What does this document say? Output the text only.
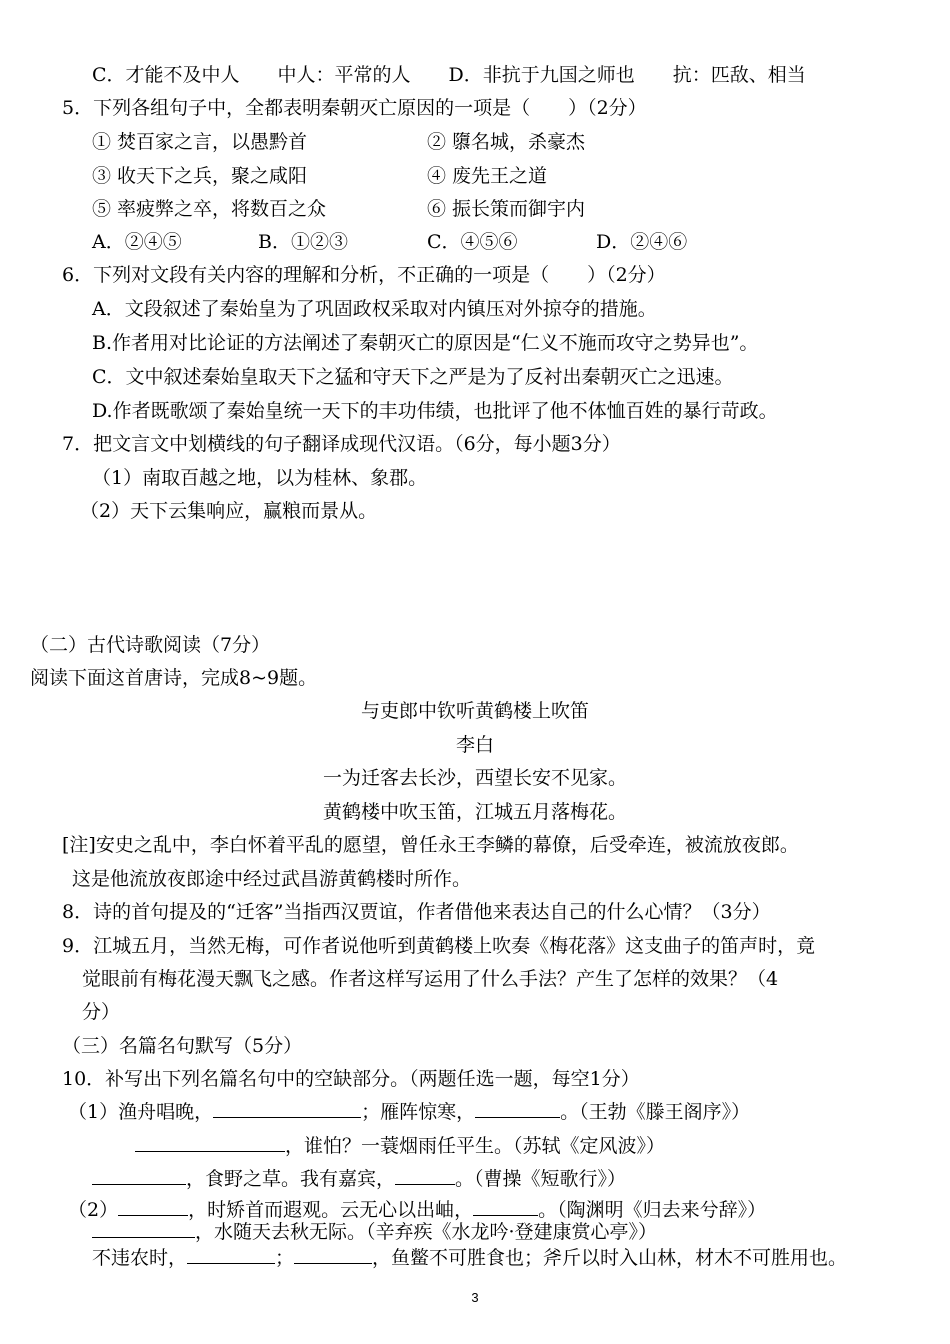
C．才能不及中人　　中人：平常的人　　D．非抗于九国之师也　　抗：匹敌、相当
5．下列各组句子中，全都表明秦朝灭亡原因的一项是（　　）（2分）
① 焚百家之言，以愚黔首	② 隳名城，杀豪杰
③ 收天下之兵，聚之咸阳	④ 废先王之道
⑤ 率疲弊之卒，将数百之众	⑥ 振长策而御宇内
A．②④⑤	B．①②③	C．④⑤⑥	D．②④⑥
6．下列对文段有关内容的理解和分析，不正确的一项是（　　）（2分）
A．文段叙述了秦始皇为了巩固政权采取对内镇压对外掠夺的措施。
B.作者用对比论证的方法阐述了秦朝灭亡的原因是“仁义不施而攻守之势异也”。
C．文中叙述秦始皇取天下之猛和守天下之严是为了反衬出秦朝灭亡之迅速。
D.作者既歌颂了秦始皇统一天下的丰功伟绩，也批评了他不体恤百姓的暴行苛政。
7．把文言文中划横线的句子翻译成现代汉语。（6分，每小题3分）
（1）南取百越之地，以为桂林、象郡。
（2）天下云集响应，赢粮而景从。
（二）古代诗歌阅读（7分）
阅读下面这首唐诗，完成8~9题。
与吏郎中钦听黄鹤楼上吹笛
李白
一为迁客去长沙，西望长安不见家。
黄鹤楼中吹玉笛，江城五月落梅花。
[注]安史之乱中，李白怀着平乱的愿望，曾任永王李鳞的幕僚，后受牵连，被流放夜郎。
这是他流放夜郎途中经过武昌游黄鹤楼时所作。
8．诗的首句提及的“迁客”当指西汉贾谊，作者借他来表达自己的什么心情？（3分）
9．江城五月，当然无梅，可作者说他听到黄鹤楼上吹奏《梅花落》这支曲子的笛声时，竟
觉眼前有梅花漫天飘飞之感。作者这样写运用了什么手法？产生了怎样的效果？（4
分）
（三）名篇名句默写（5分）
10．补写出下列名篇名句中的空缺部分。（两题任选一题，每空1分）
（1）渔舟唱晚，	；雁阵惊寒，	。（王勃《滕王阁序》）
，谁怕？一蓑烟雨任平生。（苏轼《定风波》）
，食野之草。我有嘉宾，	。（曹操《短歌行》）
（2）	，时矫首而遐观。云无心以出岫，	。（陶渊明《归去来兮辞》）
，水随天去秋无际。（辛弃疾《水龙吟·登建康赏心亭》）
不违农时，	；	，鱼鳖不可胜食也；斧斤以时入山林，材木不可胜用也。
3
